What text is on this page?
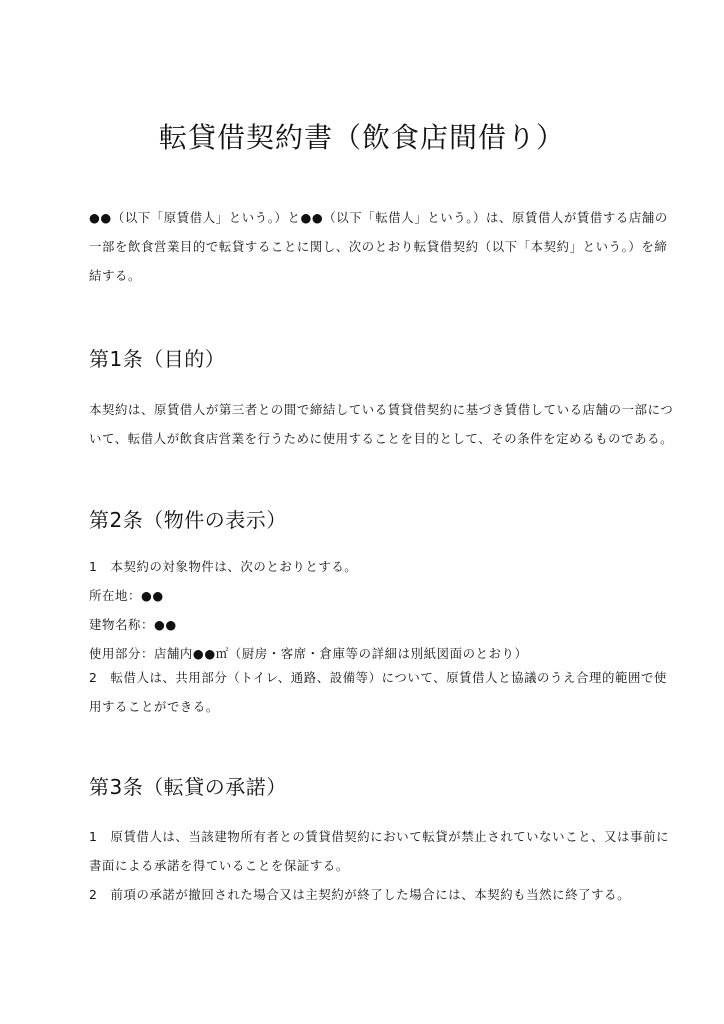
転貸借契約書（飲食店間借り）

●●（以下「原賃借人」という。）と●●（以下「転借人」という。）は、原賃借人が賃借する店舗の
一部を飲食営業目的で転貸することに関し、次のとおり転貸借契約（以下「本契約」という。）を締
結する。

第1条（目的）

本契約は、原賃借人が第三者との間で締結している賃貸借契約に基づき賃借している店舗の一部につ
いて、転借人が飲食店営業を行うために使用することを目的として、その条件を定めるものである。

第2条（物件の表示）

1　本契約の対象物件は、次のとおりとする。
所在地：●●
建物名称：●●
使用部分：店舗内●●㎡（厨房・客席・倉庫等の詳細は別紙図面のとおり）

2　転借人は、共用部分（トイレ、通路、設備等）について、原賃借人と協議のうえ合理的範囲で使
用することができる。

第3条（転貸の承諾）

1　原賃借人は、当該建物所有者との賃貸借契約において転貸が禁止されていないこと、又は事前に
書面による承諾を得ていることを保証する。
2　前項の承諾が撤回された場合又は主契約が終了した場合には、本契約も当然に終了する。
